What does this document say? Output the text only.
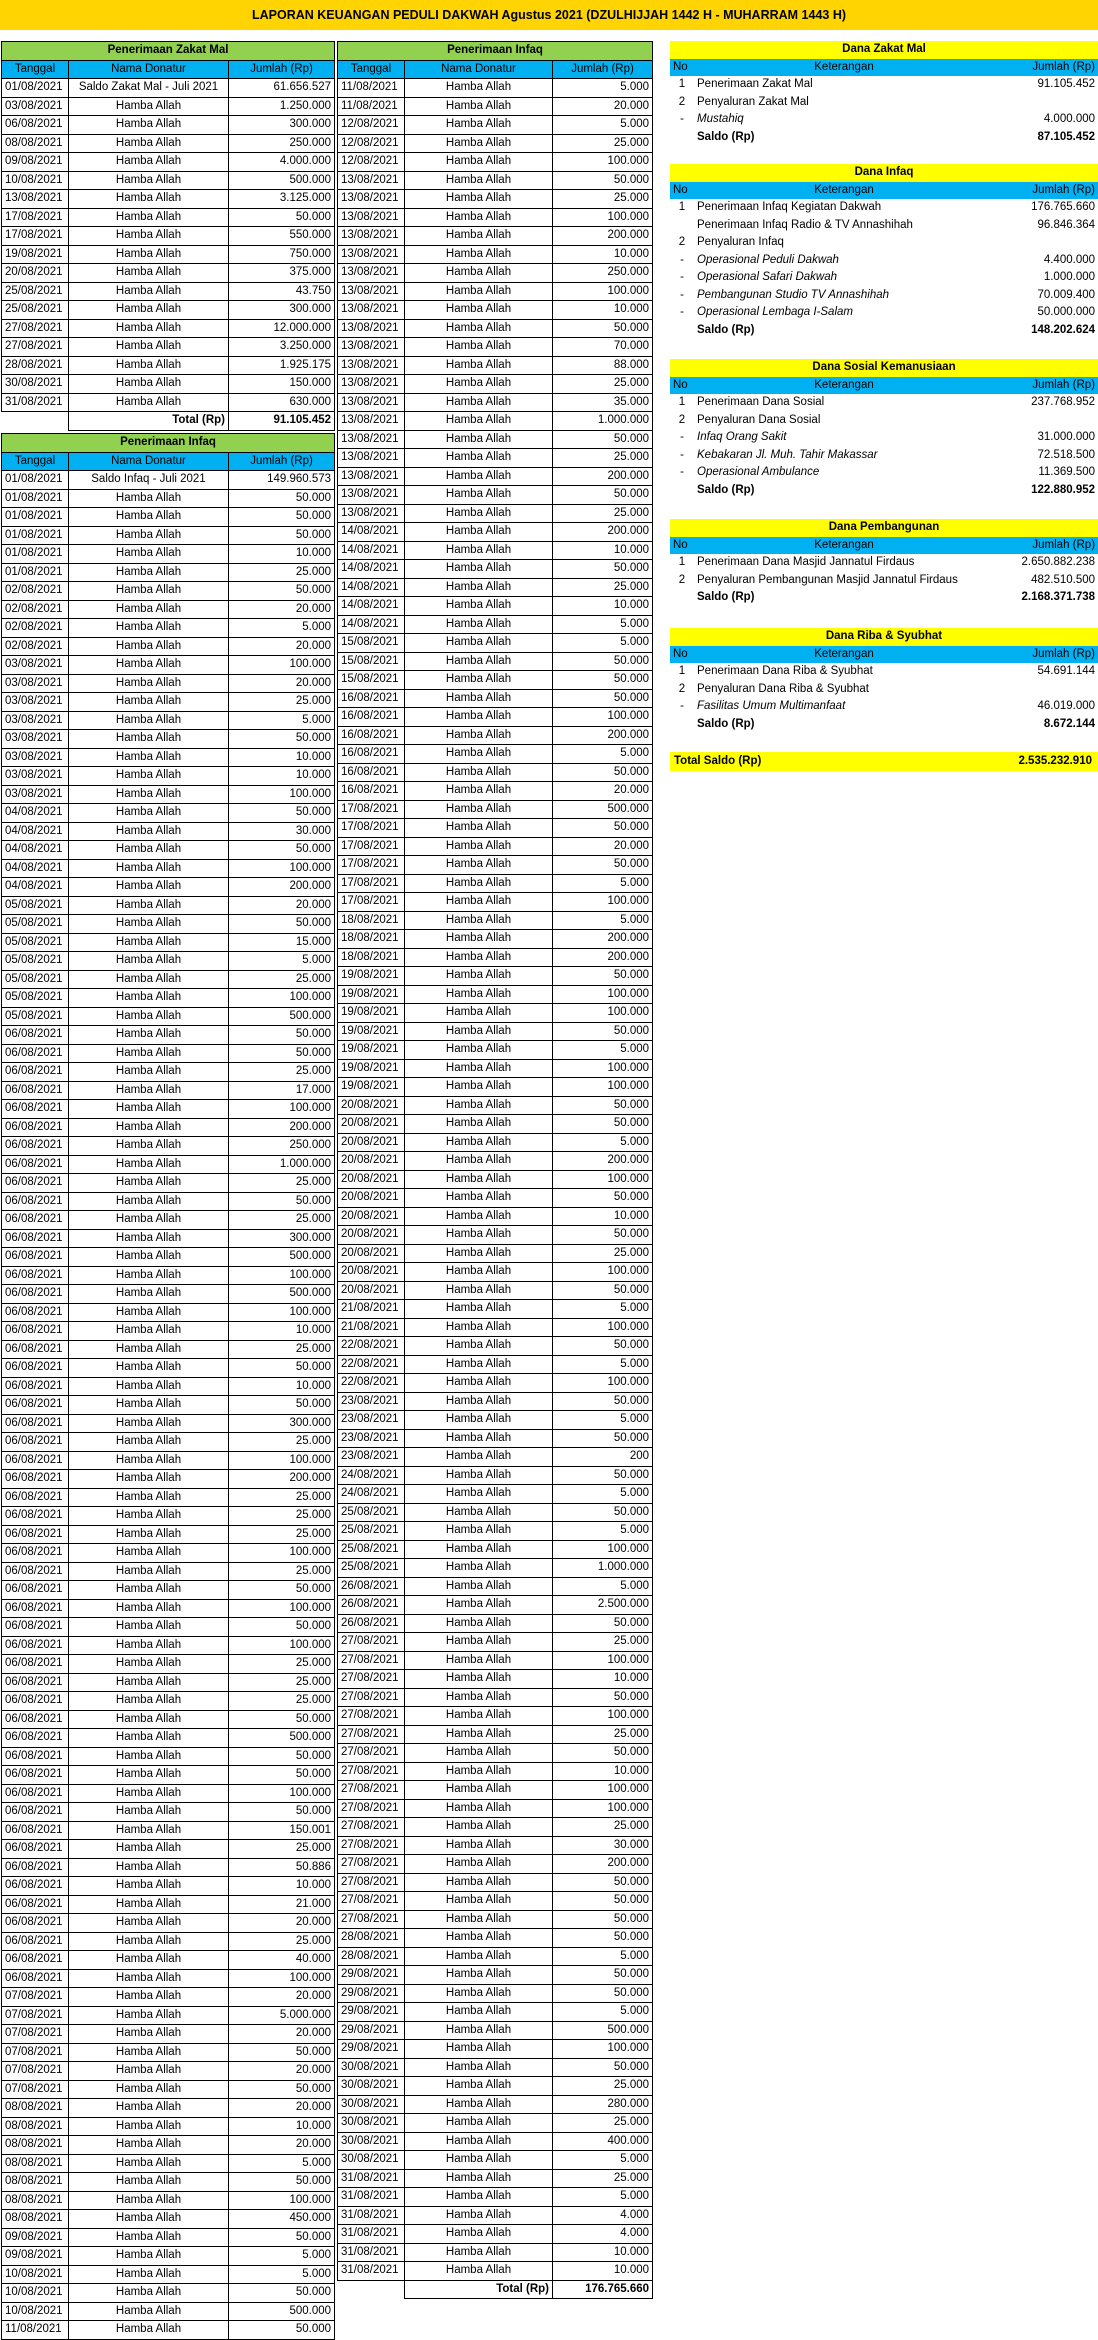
LAPORAN KEUANGAN PEDULI DAKWAH Agustus 2021 (DZULHIJJAH 1442 H - MUHARRAM 1443 H)
Penerimaan Zakat Mal		
Tanggal	Nama Donatur	Jumlah (Rp)
01/08/2021	Saldo Zakat Mal - Juli 2021	61.656.527
03/08/2021	Hamba Allah	1.250.000
06/08/2021	Hamba Allah	300.000
08/08/2021	Hamba Allah	250.000
09/08/2021	Hamba Allah	4.000.000
10/08/2021	Hamba Allah	500.000
13/08/2021	Hamba Allah	3.125.000
17/08/2021	Hamba Allah	50.000
17/08/2021	Hamba Allah	550.000
19/08/2021	Hamba Allah	750.000
20/08/2021	Hamba Allah	375.000
25/08/2021	Hamba Allah	43.750
25/08/2021	Hamba Allah	300.000
27/08/2021	Hamba Allah	12.000.000
27/08/2021	Hamba Allah	3.250.000
28/08/2021	Hamba Allah	1.925.175
30/08/2021	Hamba Allah	150.000
31/08/2021	Hamba Allah	630.000
	Total (Rp)	91.105.452
Penerimaan Infaq		
Tanggal	Nama Donatur	Jumlah (Rp)
01/08/2021	Saldo Infaq - Juli 2021	149.960.573
01/08/2021	Hamba Allah	50.000
01/08/2021	Hamba Allah	50.000
01/08/2021	Hamba Allah	50.000
01/08/2021	Hamba Allah	10.000
01/08/2021	Hamba Allah	25.000
02/08/2021	Hamba Allah	50.000
02/08/2021	Hamba Allah	20.000
02/08/2021	Hamba Allah	5.000
02/08/2021	Hamba Allah	20.000
03/08/2021	Hamba Allah	100.000
03/08/2021	Hamba Allah	20.000
03/08/2021	Hamba Allah	25.000
03/08/2021	Hamba Allah	5.000
03/08/2021	Hamba Allah	50.000
03/08/2021	Hamba Allah	10.000
03/08/2021	Hamba Allah	10.000
03/08/2021	Hamba Allah	100.000
04/08/2021	Hamba Allah	50.000
04/08/2021	Hamba Allah	30.000
04/08/2021	Hamba Allah	50.000
04/08/2021	Hamba Allah	100.000
04/08/2021	Hamba Allah	200.000
05/08/2021	Hamba Allah	20.000
05/08/2021	Hamba Allah	50.000
05/08/2021	Hamba Allah	15.000
05/08/2021	Hamba Allah	5.000
05/08/2021	Hamba Allah	25.000
05/08/2021	Hamba Allah	100.000
05/08/2021	Hamba Allah	500.000
06/08/2021	Hamba Allah	50.000
06/08/2021	Hamba Allah	50.000
06/08/2021	Hamba Allah	25.000
06/08/2021	Hamba Allah	17.000
06/08/2021	Hamba Allah	100.000
06/08/2021	Hamba Allah	200.000
06/08/2021	Hamba Allah	250.000
06/08/2021	Hamba Allah	1.000.000
06/08/2021	Hamba Allah	25.000
06/08/2021	Hamba Allah	50.000
06/08/2021	Hamba Allah	25.000
06/08/2021	Hamba Allah	300.000
06/08/2021	Hamba Allah	500.000
06/08/2021	Hamba Allah	100.000
06/08/2021	Hamba Allah	500.000
06/08/2021	Hamba Allah	100.000
06/08/2021	Hamba Allah	10.000
06/08/2021	Hamba Allah	25.000
06/08/2021	Hamba Allah	50.000
06/08/2021	Hamba Allah	10.000
06/08/2021	Hamba Allah	50.000
06/08/2021	Hamba Allah	300.000
06/08/2021	Hamba Allah	25.000
06/08/2021	Hamba Allah	100.000
06/08/2021	Hamba Allah	200.000
06/08/2021	Hamba Allah	25.000
06/08/2021	Hamba Allah	25.000
06/08/2021	Hamba Allah	25.000
06/08/2021	Hamba Allah	100.000
06/08/2021	Hamba Allah	25.000
06/08/2021	Hamba Allah	50.000
06/08/2021	Hamba Allah	100.000
06/08/2021	Hamba Allah	50.000
06/08/2021	Hamba Allah	100.000
06/08/2021	Hamba Allah	25.000
06/08/2021	Hamba Allah	25.000
06/08/2021	Hamba Allah	25.000
06/08/2021	Hamba Allah	50.000
06/08/2021	Hamba Allah	500.000
06/08/2021	Hamba Allah	50.000
06/08/2021	Hamba Allah	50.000
06/08/2021	Hamba Allah	100.000
06/08/2021	Hamba Allah	50.000
06/08/2021	Hamba Allah	150.001
06/08/2021	Hamba Allah	25.000
06/08/2021	Hamba Allah	50.886
06/08/2021	Hamba Allah	10.000
06/08/2021	Hamba Allah	21.000
06/08/2021	Hamba Allah	20.000
06/08/2021	Hamba Allah	25.000
06/08/2021	Hamba Allah	40.000
06/08/2021	Hamba Allah	100.000
07/08/2021	Hamba Allah	20.000
07/08/2021	Hamba Allah	5.000.000
07/08/2021	Hamba Allah	20.000
07/08/2021	Hamba Allah	50.000
07/08/2021	Hamba Allah	20.000
07/08/2021	Hamba Allah	50.000
08/08/2021	Hamba Allah	20.000
08/08/2021	Hamba Allah	10.000
08/08/2021	Hamba Allah	20.000
08/08/2021	Hamba Allah	5.000
08/08/2021	Hamba Allah	50.000
08/08/2021	Hamba Allah	100.000
08/08/2021	Hamba Allah	450.000
09/08/2021	Hamba Allah	50.000
09/08/2021	Hamba Allah	5.000
10/08/2021	Hamba Allah	5.000
10/08/2021	Hamba Allah	50.000
10/08/2021	Hamba Allah	500.000
11/08/2021	Hamba Allah	50.000
Penerimaan Infaq		
Tanggal	Nama Donatur	Jumlah (Rp)
11/08/2021	Hamba Allah	5.000
11/08/2021	Hamba Allah	20.000
12/08/2021	Hamba Allah	5.000
12/08/2021	Hamba Allah	25.000
12/08/2021	Hamba Allah	100.000
13/08/2021	Hamba Allah	50.000
13/08/2021	Hamba Allah	25.000
13/08/2021	Hamba Allah	100.000
13/08/2021	Hamba Allah	200.000
13/08/2021	Hamba Allah	10.000
13/08/2021	Hamba Allah	250.000
13/08/2021	Hamba Allah	100.000
13/08/2021	Hamba Allah	10.000
13/08/2021	Hamba Allah	50.000
13/08/2021	Hamba Allah	70.000
13/08/2021	Hamba Allah	88.000
13/08/2021	Hamba Allah	25.000
13/08/2021	Hamba Allah	35.000
13/08/2021	Hamba Allah	1.000.000
13/08/2021	Hamba Allah	50.000
13/08/2021	Hamba Allah	25.000
13/08/2021	Hamba Allah	200.000
13/08/2021	Hamba Allah	50.000
13/08/2021	Hamba Allah	25.000
14/08/2021	Hamba Allah	200.000
14/08/2021	Hamba Allah	10.000
14/08/2021	Hamba Allah	50.000
14/08/2021	Hamba Allah	25.000
14/08/2021	Hamba Allah	10.000
14/08/2021	Hamba Allah	5.000
15/08/2021	Hamba Allah	5.000
15/08/2021	Hamba Allah	50.000
15/08/2021	Hamba Allah	50.000
16/08/2021	Hamba Allah	50.000
16/08/2021	Hamba Allah	100.000
16/08/2021	Hamba Allah	200.000
16/08/2021	Hamba Allah	5.000
16/08/2021	Hamba Allah	50.000
16/08/2021	Hamba Allah	20.000
17/08/2021	Hamba Allah	500.000
17/08/2021	Hamba Allah	50.000
17/08/2021	Hamba Allah	20.000
17/08/2021	Hamba Allah	50.000
17/08/2021	Hamba Allah	5.000
17/08/2021	Hamba Allah	100.000
18/08/2021	Hamba Allah	5.000
18/08/2021	Hamba Allah	200.000
18/08/2021	Hamba Allah	200.000
19/08/2021	Hamba Allah	50.000
19/08/2021	Hamba Allah	100.000
19/08/2021	Hamba Allah	100.000
19/08/2021	Hamba Allah	50.000
19/08/2021	Hamba Allah	5.000
19/08/2021	Hamba Allah	100.000
19/08/2021	Hamba Allah	100.000
20/08/2021	Hamba Allah	50.000
20/08/2021	Hamba Allah	50.000
20/08/2021	Hamba Allah	5.000
20/08/2021	Hamba Allah	200.000
20/08/2021	Hamba Allah	100.000
20/08/2021	Hamba Allah	50.000
20/08/2021	Hamba Allah	10.000
20/08/2021	Hamba Allah	50.000
20/08/2021	Hamba Allah	25.000
20/08/2021	Hamba Allah	100.000
20/08/2021	Hamba Allah	50.000
21/08/2021	Hamba Allah	5.000
21/08/2021	Hamba Allah	100.000
22/08/2021	Hamba Allah	50.000
22/08/2021	Hamba Allah	5.000
22/08/2021	Hamba Allah	100.000
23/08/2021	Hamba Allah	50.000
23/08/2021	Hamba Allah	5.000
23/08/2021	Hamba Allah	50.000
23/08/2021	Hamba Allah	200
24/08/2021	Hamba Allah	50.000
24/08/2021	Hamba Allah	5.000
25/08/2021	Hamba Allah	50.000
25/08/2021	Hamba Allah	5.000
25/08/2021	Hamba Allah	100.000
25/08/2021	Hamba Allah	1.000.000
26/08/2021	Hamba Allah	5.000
26/08/2021	Hamba Allah	2.500.000
26/08/2021	Hamba Allah	50.000
27/08/2021	Hamba Allah	25.000
27/08/2021	Hamba Allah	100.000
27/08/2021	Hamba Allah	10.000
27/08/2021	Hamba Allah	50.000
27/08/2021	Hamba Allah	100.000
27/08/2021	Hamba Allah	25.000
27/08/2021	Hamba Allah	50.000
27/08/2021	Hamba Allah	10.000
27/08/2021	Hamba Allah	100.000
27/08/2021	Hamba Allah	100.000
27/08/2021	Hamba Allah	25.000
27/08/2021	Hamba Allah	30.000
27/08/2021	Hamba Allah	200.000
27/08/2021	Hamba Allah	50.000
27/08/2021	Hamba Allah	50.000
27/08/2021	Hamba Allah	50.000
28/08/2021	Hamba Allah	50.000
28/08/2021	Hamba Allah	5.000
29/08/2021	Hamba Allah	50.000
29/08/2021	Hamba Allah	50.000
29/08/2021	Hamba Allah	5.000
29/08/2021	Hamba Allah	500.000
29/08/2021	Hamba Allah	100.000
30/08/2021	Hamba Allah	50.000
30/08/2021	Hamba Allah	25.000
30/08/2021	Hamba Allah	280.000
30/08/2021	Hamba Allah	25.000
30/08/2021	Hamba Allah	400.000
30/08/2021	Hamba Allah	5.000
31/08/2021	Hamba Allah	25.000
31/08/2021	Hamba Allah	5.000
31/08/2021	Hamba Allah	4.000
31/08/2021	Hamba Allah	4.000
31/08/2021	Hamba Allah	10.000
31/08/2021	Hamba Allah	10.000
	Total (Rp)	176.765.660
Dana Zakat Mal		
No	Keterangan	Jumlah (Rp)
1	Penerimaan Zakat Mal	91.105.452
2	Penyaluran Zakat Mal	
-	Mustahiq	4.000.000
	Saldo (Rp)	87.105.452
Dana Infaq		
No	Keterangan	Jumlah (Rp)
1	Penerimaan Infaq Kegiatan Dakwah	176.765.660
	Penerimaan Infaq Radio & TV Annashihah	96.846.364
2	Penyaluran Infaq	
-	Operasional Peduli Dakwah	4.400.000
-	Operasional Safari Dakwah	1.000.000
-	Pembangunan Studio TV Annashihah	70.009.400
-	Operasional Lembaga I-Salam	50.000.000
	Saldo (Rp)	148.202.624
Dana Sosial Kemanusiaan		
No	Keterangan	Jumlah (Rp)
1	Penerimaan Dana Sosial	237.768.952
2	Penyaluran Dana Sosial	
-	Infaq Orang Sakit	31.000.000
-	Kebakaran Jl. Muh. Tahir Makassar	72.518.500
-	Operasional Ambulance	11.369.500
	Saldo (Rp)	122.880.952
Dana Pembangunan		
No	Keterangan	Jumlah (Rp)
1	Penerimaan Dana Masjid Jannatul Firdaus	2.650.882.238
2	Penyaluran Pembangunan Masjid Jannatul Firdaus	482.510.500
	Saldo (Rp)	2.168.371.738
Dana Riba & Syubhat		
No	Keterangan	Jumlah (Rp)
1	Penerimaan Dana Riba & Syubhat	54.691.144
2	Penyaluran Dana Riba & Syubhat	
-	Fasilitas Umum Multimanfaat	46.019.000
	Saldo (Rp)	8.672.144
Total Saldo (Rp)	2.535.232.910
